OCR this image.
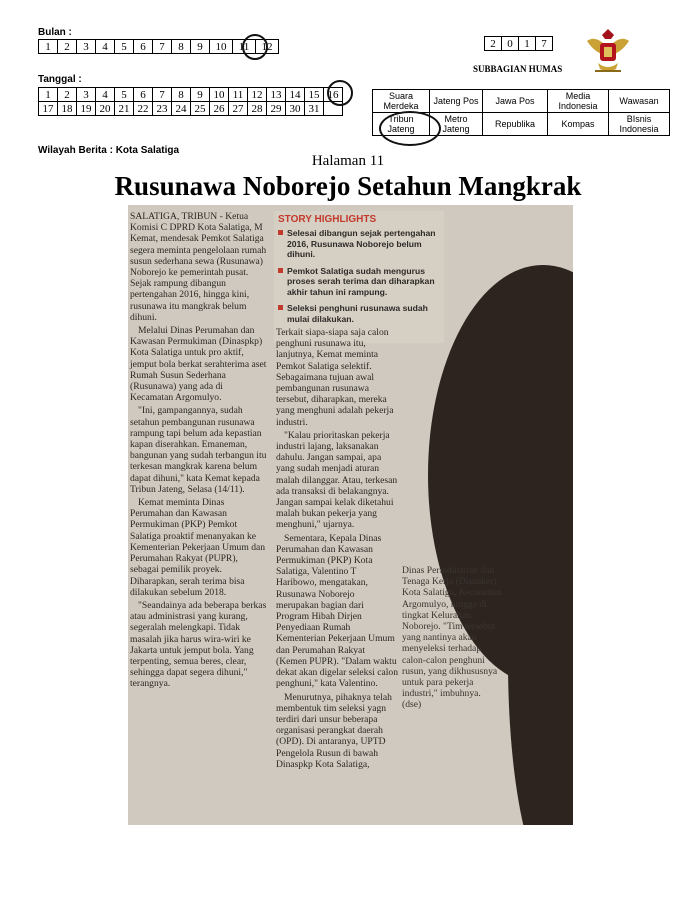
Bulan :
1	2	3	4	5	6	7	8	9	10	11	12
Tanggal :
1	2	3	4	5	6	7	8	9	10	11	12	13	14	15	16
17	18	19	20	21	22	23	24	25	26	27	28	29	30	31	
2	0	1	7
SUBBAGIAN HUMAS
Suara Merdeka	Jateng Pos	Jawa Pos	Media Indonesia	Wawasan
Tribun Jateng	Metro Jateng	Republika	Kompas	BIsnis Indonesia
Wilayah Berita : Kota Salatiga
Halaman 11
Rusunawa Noborejo Setahun Mangkrak
STORY HIGHLIGHTS
Selesai dibangun sejak pertengahan 2016, Rusunawa Noborejo belum dihuni.
Pemkot Salatiga sudah mengurus proses serah terima dan diharapkan akhir tahun ini rampung.
Seleksi penghuni rusunawa sudah mulai dilakukan.

SALATIGA, TRIBUN - Ketua Komisi C DPRD Kota Salatiga, M Kemat, mendesak Pemkot Salatiga segera meminta pengelolaan rumah susun sederhana sewa (Rusunawa) Noborejo ke pemerintah pusat. Sejak rampung dibangun pertengahan 2016, hingga kini, rusunawa itu mangkrak belum dihuni.

Melalui Dinas Perumahan dan Kawasan Permukiman (Dinaspkp) Kota Salatiga untuk pro aktif, jemput bola berkat serahterima aset Rumah Susun Sederhana (Rusunawa) yang ada di Kecamatan Argomulyo.

"Ini, gampangannya, sudah setahun pembangunan rusunawa rampung tapi belum ada kepastian kapan diserahkan. Emaneman, bangunan yang sudah terbangun itu terkesan mangkrak karena belum dapat dihuni," kata Kemat kepada Tribun Jateng, Selasa (14/11).

Kemat meminta Dinas Perumahan dan Kawasan Permukiman (PKP) Pemkot Salatiga proaktif menanyakan ke Kementerian Pekerjaan Umum dan Perumahan Rakyat (PUPR), sebagai pemilik proyek. Diharapkan, serah terima bisa dilakukan sebelum 2018.

"Seandainya ada beberapa berkas atau administrasi yang kurang, segeralah melengkapi. Tidak masalah jika harus wira-wiri ke Jakarta untuk jemput bola. Yang terpenting, semua beres, clear, sehingga dapat segera dihuni," terangnya.

Terkait siapa-siapa saja calon penghuni rusunawa itu, lanjutnya, Kemat meminta Pemkot Salatiga selektif. Sebagaimana tujuan awal pembangunan rusunawa tersebut, diharapkan, mereka yang menghuni adalah pekerja industri.

"Kalau prioritaskan pekerja industri lajang, laksanakan dahulu. Jangan sampai, apa yang sudah menjadi aturan malah dilanggar. Atau, terkesan ada transaksi di belakangnya. Jangan sampai kelak diketahui malah bukan pekerja yang menghuni," ujarnya.

Sementara, Kepala Dinas Perumahan dan Kawasan Permukiman (PKP) Kota Salatiga, Valentino T Haribowo, mengatakan, Rusunawa Noborejo merupakan bagian dari Program Hibah Dirjen Penyediaan Rumah Kementerian Pekerjaan Umum dan Perumahan Rakyat (Kemen PUPR). "Dalam waktu dekat akan digelar seleksi calon penghuni," kata Valentino.

Menurutnya, pihaknya telah membentuk tim seleksi yagn terdiri dari unsur beberapa organisasi perangkat daerah (OPD). Di antaranya, UPTD Pengelola Rusun di bawah Dinaspkp Kota Salatiga,

Dinas Perindustrian dan Tenaga Kerja (Disnaker) Kota Salatiga, Kecamatan Argomulyo, hingga di tingkat Kelurahan Noborejo. "Tim tersebut yang nantinya akan menyeleksi terhadap calon-calon penghuni rusun, yang dikhususnya untuk para pekerja industri," imbuhnya. (dse)
